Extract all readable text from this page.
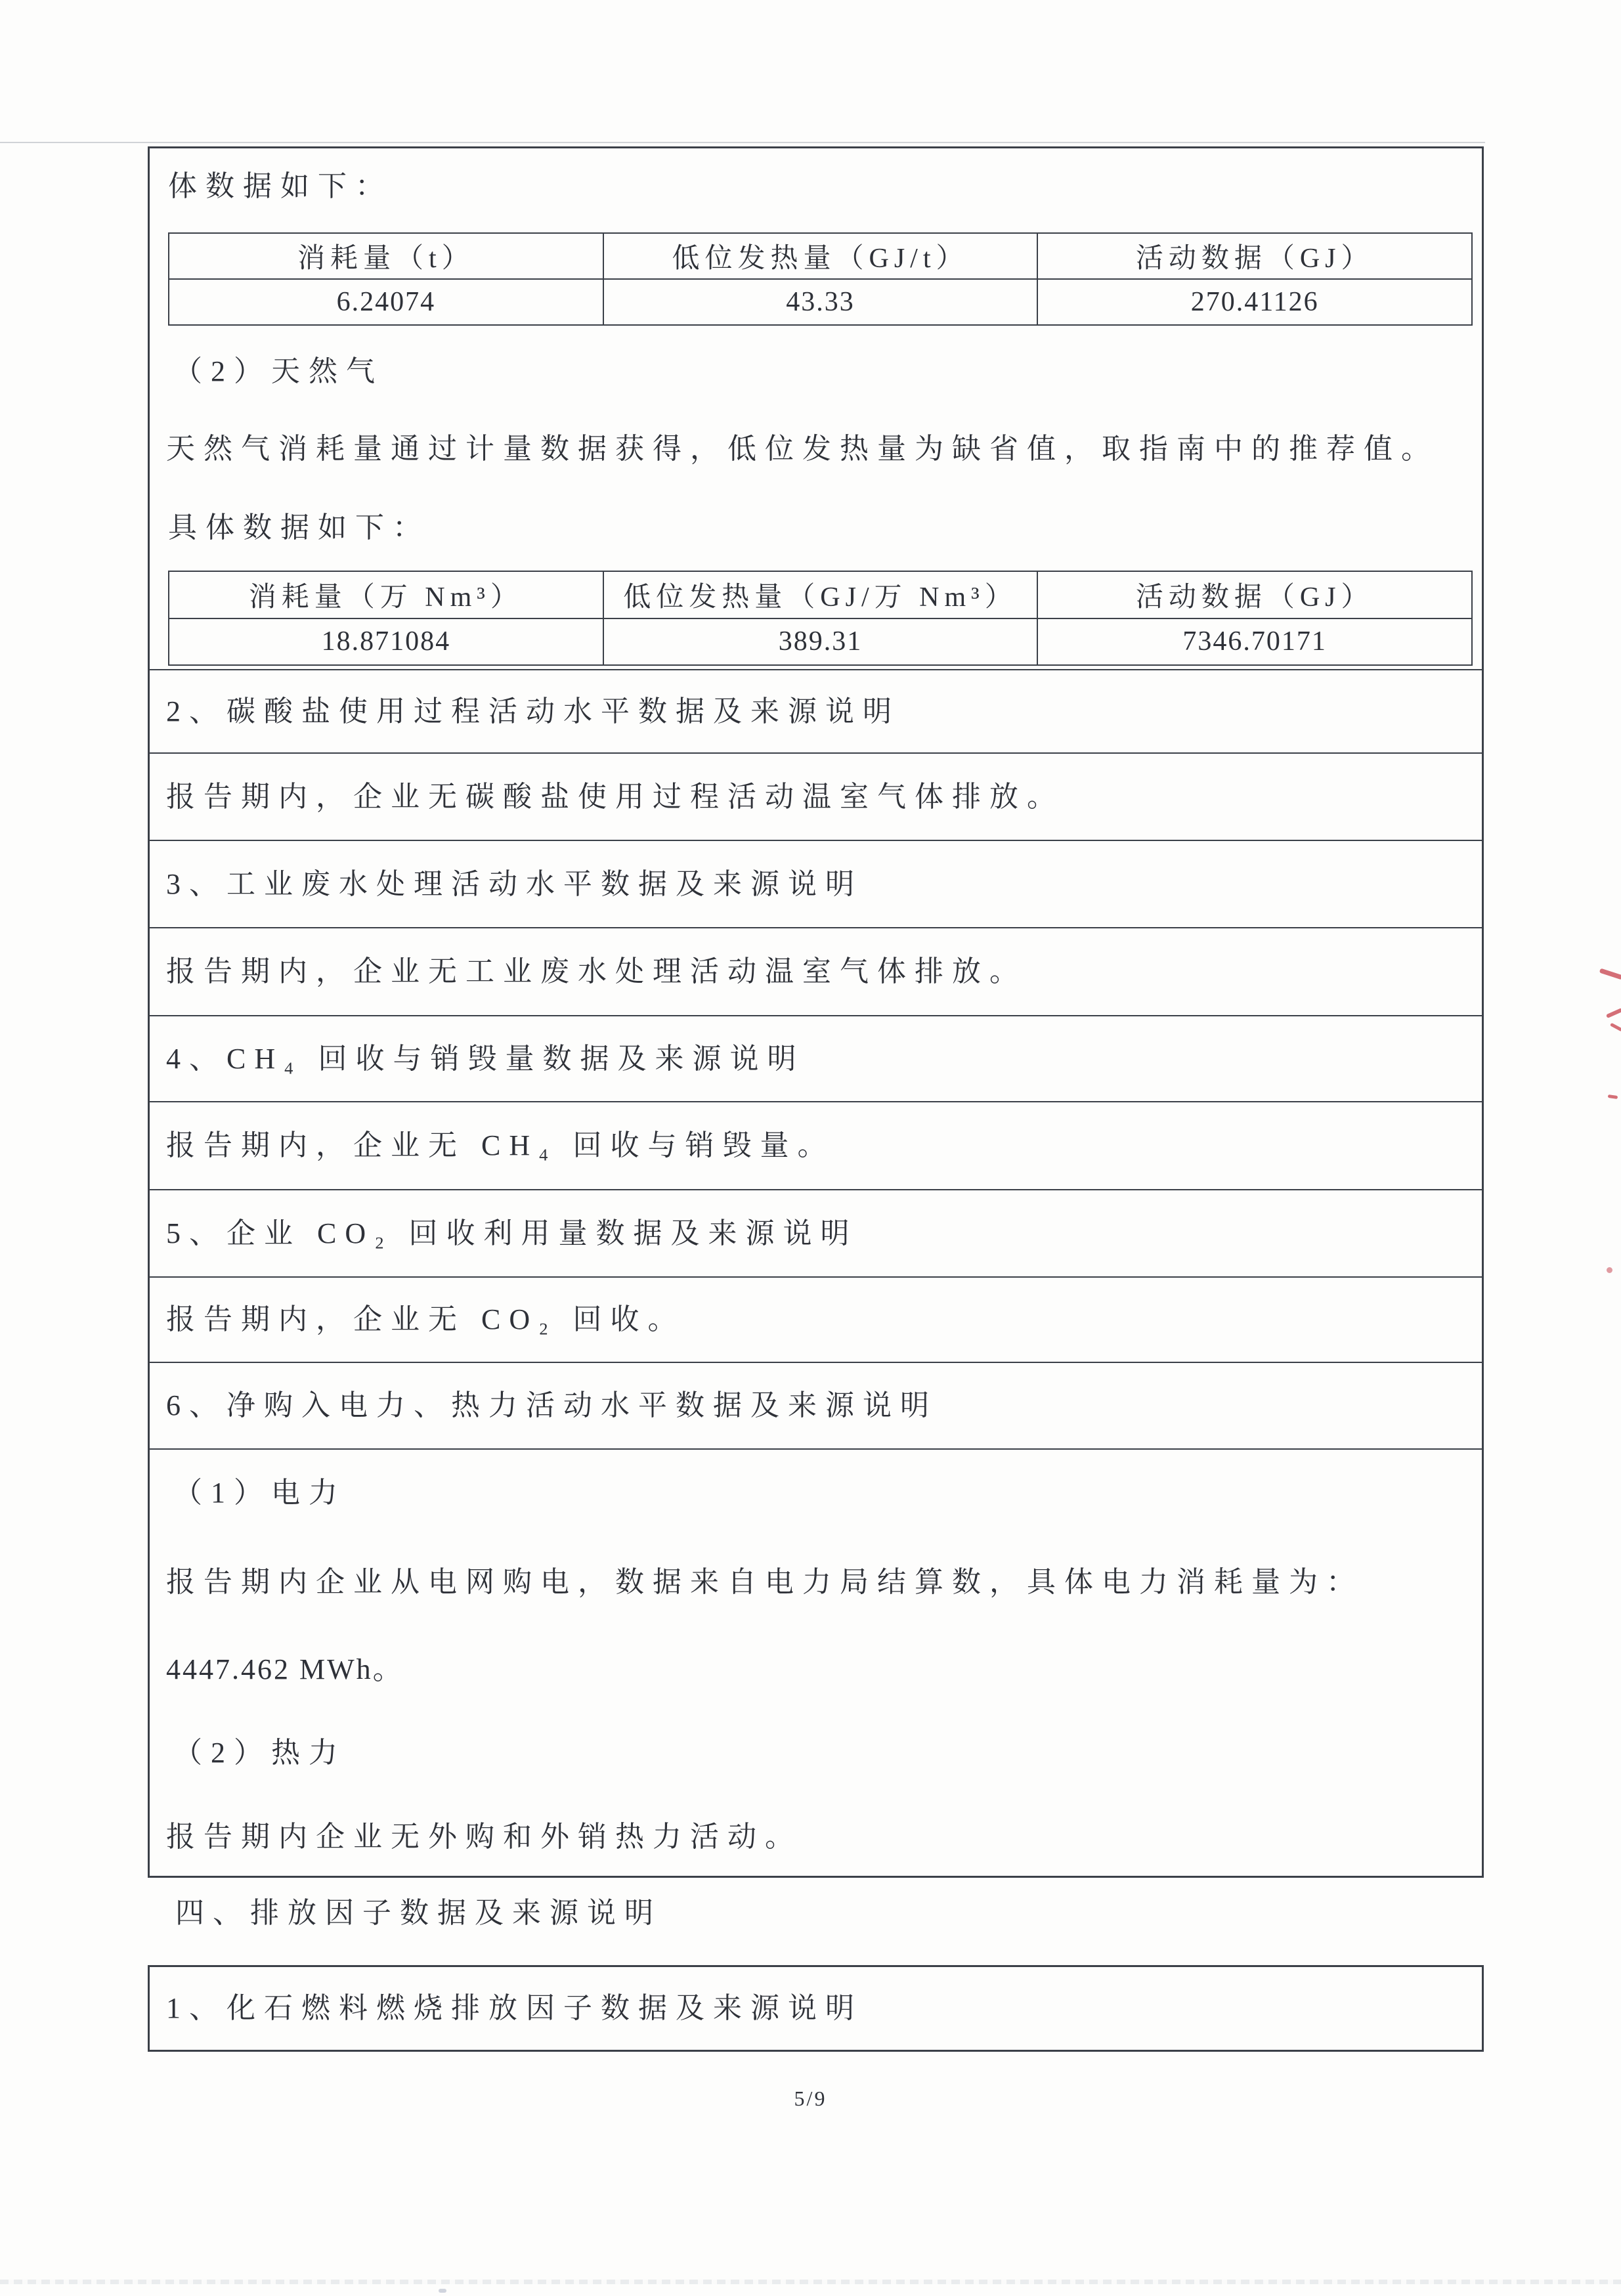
体数据如下：
消耗量（t）	低位发热量（GJ/t）	活动数据（GJ）
6.24074	43.33	270.41126
（2）天然气
天然气消耗量通过计量数据获得，低位发热量为缺省值，取指南中的推荐值。
具体数据如下：
消耗量（万 Nm³）	低位发热量（GJ/万 Nm³）	活动数据（GJ）
18.871084	389.31	7346.70171
2、碳酸盐使用过程活动水平数据及来源说明
报告期内，企业无碳酸盐使用过程活动温室气体排放。
3、工业废水处理活动水平数据及来源说明
报告期内，企业无工业废水处理活动温室气体排放。
4、CH₄ 回收与销毁量数据及来源说明
报告期内，企业无 CH₄ 回收与销毁量。
5、企业 CO₂ 回收利用量数据及来源说明
报告期内，企业无 CO₂ 回收。
6、净购入电力、热力活动水平数据及来源说明
（1）电力
报告期内企业从电网购电，数据来自电力局结算数，具体电力消耗量为：
4447.462 MWh。
（2）热力
报告期内企业无外购和外销热力活动。
四、排放因子数据及来源说明
1、化石燃料燃烧排放因子数据及来源说明
5/9
